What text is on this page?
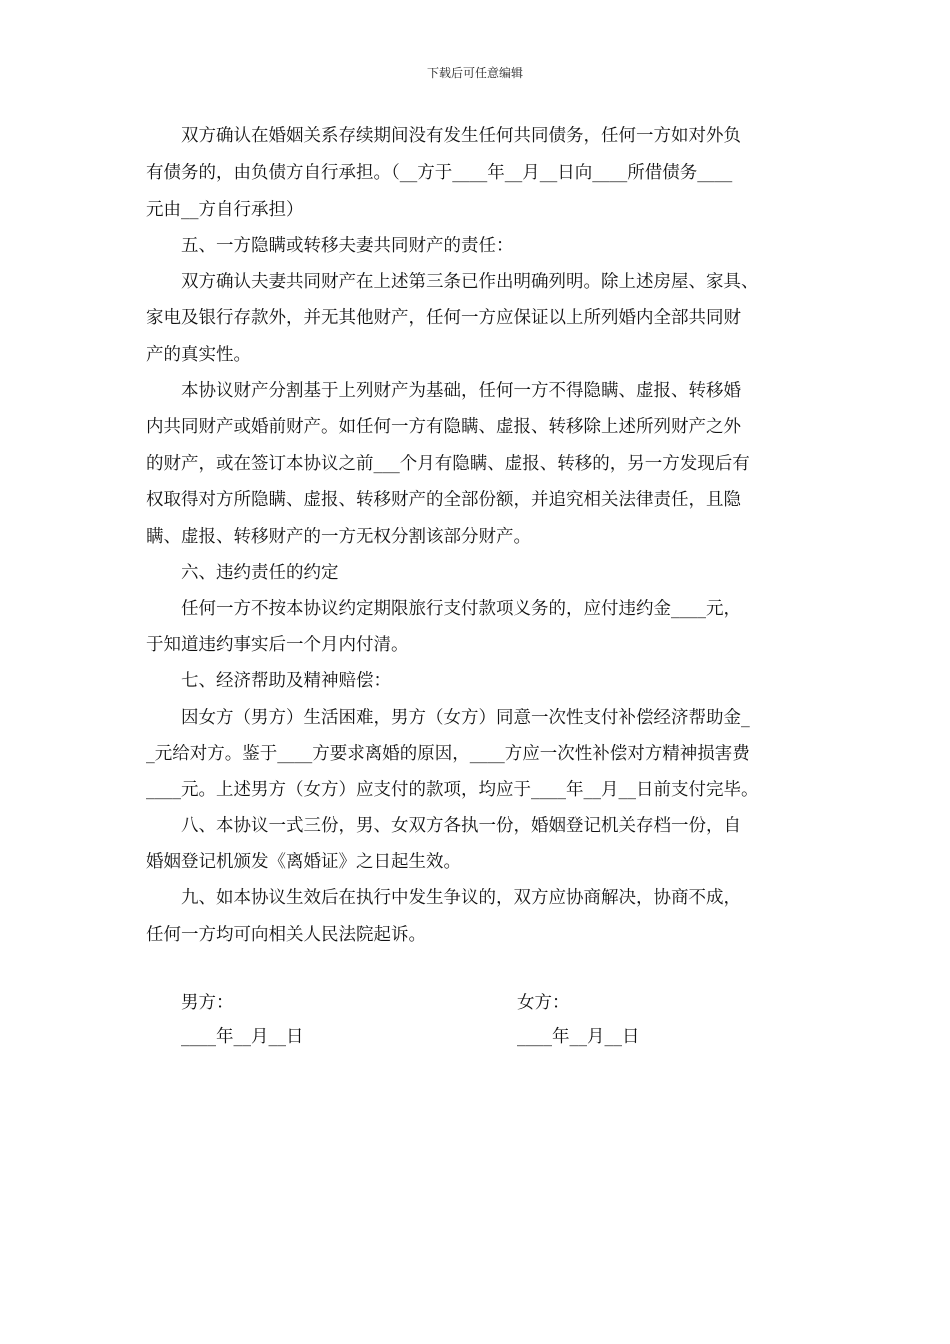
下载后可任意编辑
双方确认在婚姻关系存续期间没有发生任何共同债务，任何一方如对外负
有债务的，由负债方自行承担。（__方于____年__月__日向____所借债务____
元由__方自行承担）
五、一方隐瞒或转移夫妻共同财产的责任：
双方确认夫妻共同财产在上述第三条已作出明确列明。除上述房屋、家具、
家电及银行存款外，并无其他财产，任何一方应保证以上所列婚内全部共同财
产的真实性。
本协议财产分割基于上列财产为基础，任何一方不得隐瞒、虚报、转移婚
内共同财产或婚前财产。如任何一方有隐瞒、虚报、转移除上述所列财产之外
的财产，或在签订本协议之前___个月有隐瞒、虚报、转移的，另一方发现后有
权取得对方所隐瞒、虚报、转移财产的全部份额，并追究相关法律责任，且隐
瞒、虚报、转移财产的一方无权分割该部分财产。
六、违约责任的约定
任何一方不按本协议约定期限旅行支付款项义务的，应付违约金____元，
于知道违约事实后一个月内付清。
七、经济帮助及精神赔偿：
因女方（男方）生活困难，男方（女方）同意一次性支付补偿经济帮助金_
_元给对方。鉴于____方要求离婚的原因，____方应一次性补偿对方精神损害费
____元。上述男方（女方）应支付的款项，均应于____年__月__日前支付完毕。
八、本协议一式三份，男、女双方各执一份，婚姻登记机关存档一份，自
婚姻登记机颁发《离婚证》之日起生效。
九、如本协议生效后在执行中发生争议的，双方应协商解决，协商不成，
任何一方均可向相关人民法院起诉。
男方：	女方：
____年__月__日	____年__月__日
